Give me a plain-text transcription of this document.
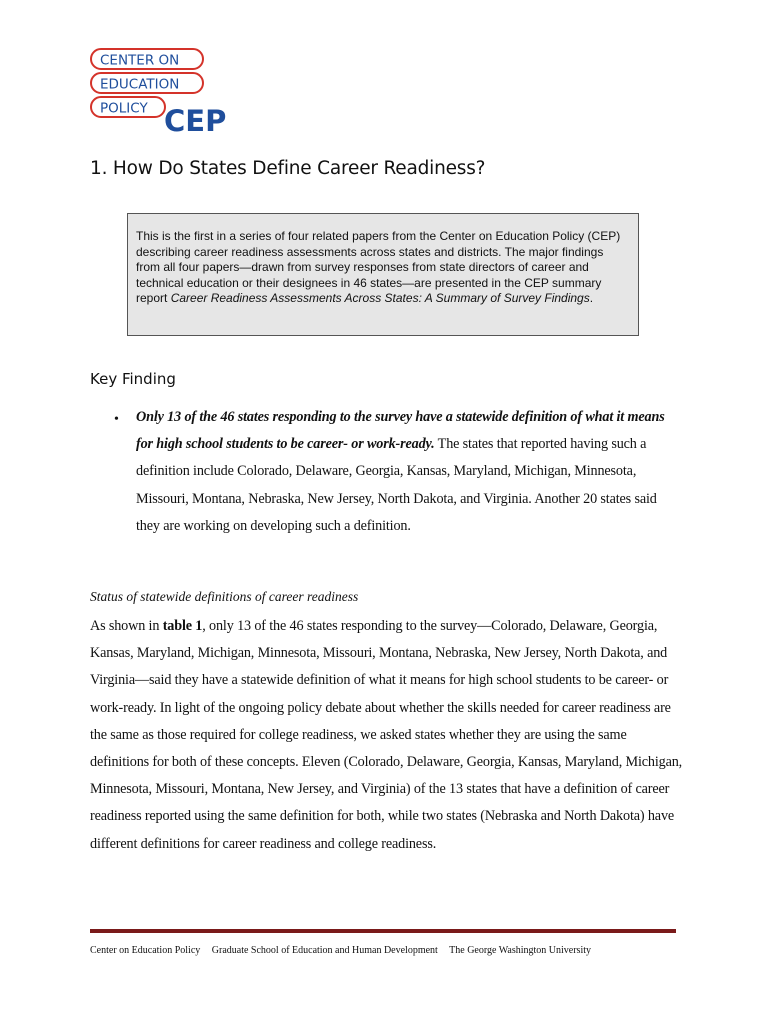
CENTER ON
EDUCATION
POLICY CEP
1. How Do States Define Career Readiness?
This is the first in a series of four related papers from the Center on Education Policy (CEP) describing career readiness assessments across states and districts. The major findings from all four papers—drawn from survey responses from state directors of career and technical education or their designees in 46 states—are presented in the CEP summary report Career Readiness Assessments Across States: A Summary of Survey Findings.
Key Finding
• Only 13 of the 46 states responding to the survey have a statewide definition of what it means for high school students to be career- or work-ready. The states that reported having such a definition include Colorado, Delaware, Georgia, Kansas, Maryland, Michigan, Minnesota, Missouri, Montana, Nebraska, New Jersey, North Dakota, and Virginia. Another 20 states said they are working on developing such a definition.
Status of statewide definitions of career readiness

As shown in table 1, only 13 of the 46 states responding to the survey—Colorado, Delaware, Georgia, Kansas, Maryland, Michigan, Minnesota, Missouri, Montana, Nebraska, New Jersey, North Dakota, and Virginia—said they have a statewide definition of what it means for high school students to be career- or work-ready. In light of the ongoing policy debate about whether the skills needed for career readiness are the same as those required for college readiness, we asked states whether they are using the same definitions for both of these concepts. Eleven (Colorado, Delaware, Georgia, Kansas, Maryland, Michigan, Minnesota, Missouri, Montana, New Jersey, and Virginia) of the 13 states that have a definition of career readiness reported using the same definition for both, while two states (Nebraska and North Dakota) have different definitions for career readiness and college readiness.

Center on Education Policy Graduate School of Education and Human Development The George Washington University
